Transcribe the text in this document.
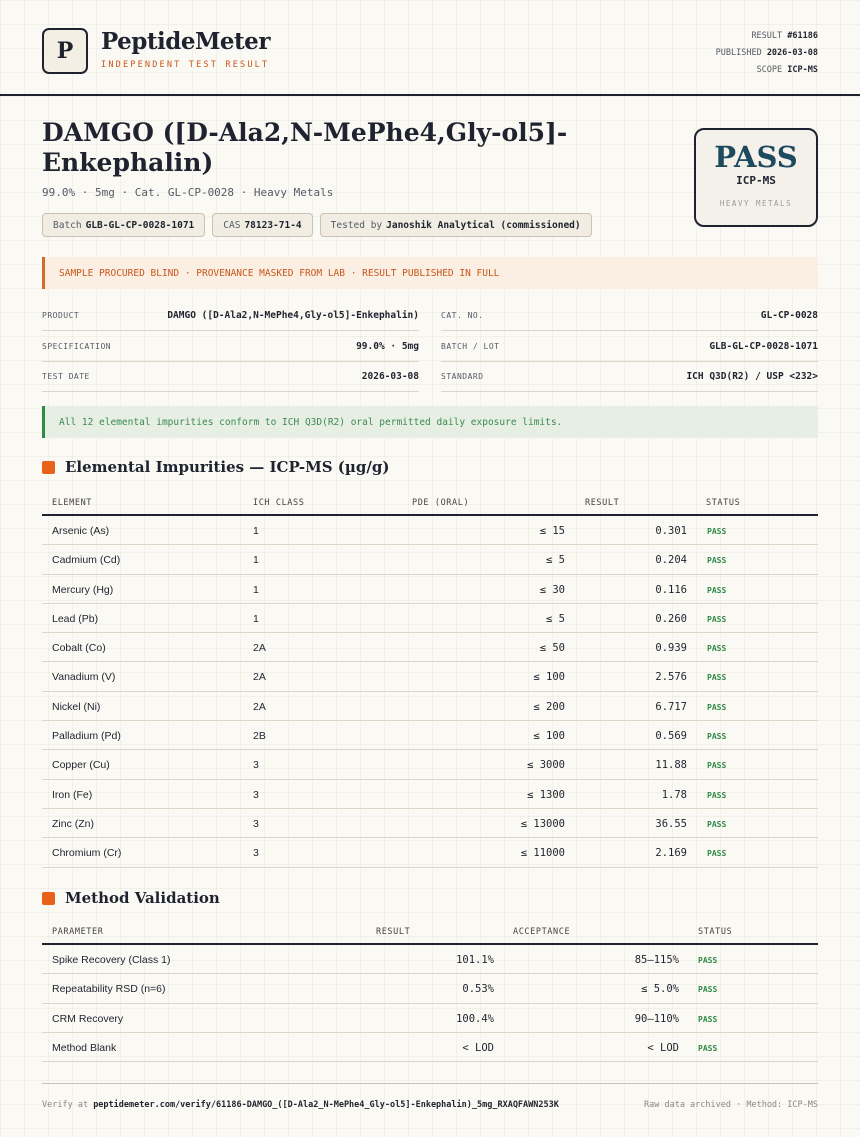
P	PeptideMeter
INDEPENDENT TEST RESULT
RESULT #61186
PUBLISHED 2026-03-08
SCOPE ICP-MS
DAMGO ([D-Ala2,N-MePhe4,Gly-ol5]-Enkephalin)
99.0% · 5mg · Cat. GL-CP-0028 · Heavy Metals
Batch GLB-GL-CP-0028-1071	CAS 78123-71-4	Tested by Janoshik Analytical (commissioned)
PASS
ICP-MS
HEAVY METALS
SAMPLE PROCURED BLIND · PROVENANCE MASKED FROM LAB · RESULT PUBLISHED IN FULL
PRODUCT	DAMGO ([D-Ala2,N-MePhe4,Gly-ol5]-Enkephalin)
SPECIFICATION	99.0% · 5mg
TEST DATE	2026-03-08
CAT. NO.	GL-CP-0028
BATCH / LOT	GLB-GL-CP-0028-1071
STANDARD	ICH Q3D(R2) / USP <232>
All 12 elemental impurities conform to ICH Q3D(R2) oral permitted daily exposure limits.
Elemental Impurities — ICP-MS (µg/g)
ELEMENT	ICH CLASS	PDE (ORAL)	RESULT	STATUS
Arsenic (As)	1	≤ 15	0.301	PASS
Cadmium (Cd)	1	≤ 5	0.204	PASS
Mercury (Hg)	1	≤ 30	0.116	PASS
Lead (Pb)	1	≤ 5	0.260	PASS
Cobalt (Co)	2A	≤ 50	0.939	PASS
Vanadium (V)	2A	≤ 100	2.576	PASS
Nickel (Ni)	2A	≤ 200	6.717	PASS
Palladium (Pd)	2B	≤ 100	0.569	PASS
Copper (Cu)	3	≤ 3000	11.88	PASS
Iron (Fe)	3	≤ 1300	1.78	PASS
Zinc (Zn)	3	≤ 13000	36.55	PASS
Chromium (Cr)	3	≤ 11000	2.169	PASS
Method Validation
PARAMETER	RESULT	ACCEPTANCE	STATUS
Spike Recovery (Class 1)	101.1%	85–115% PASS
Repeatability RSD (n=6)	0.53%	≤ 5.0% PASS
CRM Recovery	100.4%	90–110% PASS
Method Blank	< LOD	< LOD PASS
Verify at peptidemeter.com/verify/61186-DAMGO_([D-Ala2_N-MePhe4_Gly-ol5]-Enkephalin)_5mg_RXAQFAWN253K	Raw data archived · Method: ICP-MS
